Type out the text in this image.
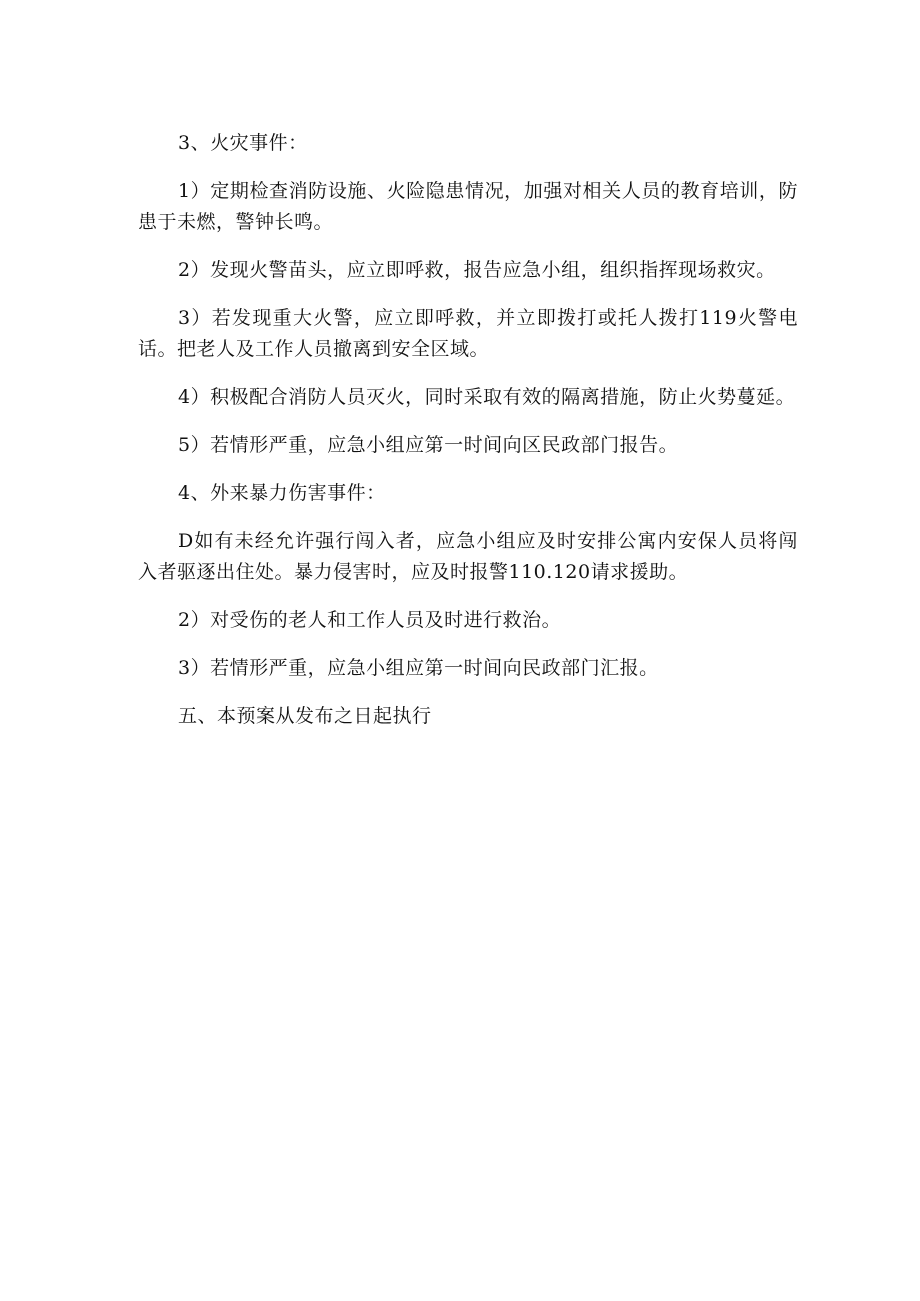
3、火灾事件：

1）定期检查消防设施、火险隐患情况，加强对相关人员的教育培训，防患于未燃，警钟长鸣。

2）发现火警苗头，应立即呼救，报告应急小组，组织指挥现场救灾。

3）若发现重大火警，应立即呼救，并立即拨打或托人拨打119火警电话。把老人及工作人员撤离到安全区域。

4）积极配合消防人员灭火，同时采取有效的隔离措施，防止火势蔓延。

5）若情形严重，应急小组应第一时间向区民政部门报告。

4、外来暴力伤害事件：

D如有未经允许强行闯入者，应急小组应及时安排公寓内安保人员将闯入者驱逐出住处。暴力侵害时，应及时报警110.120请求援助。

2）对受伤的老人和工作人员及时进行救治。

3）若情形严重，应急小组应第一时间向民政部门汇报。

五、本预案从发布之日起执行
